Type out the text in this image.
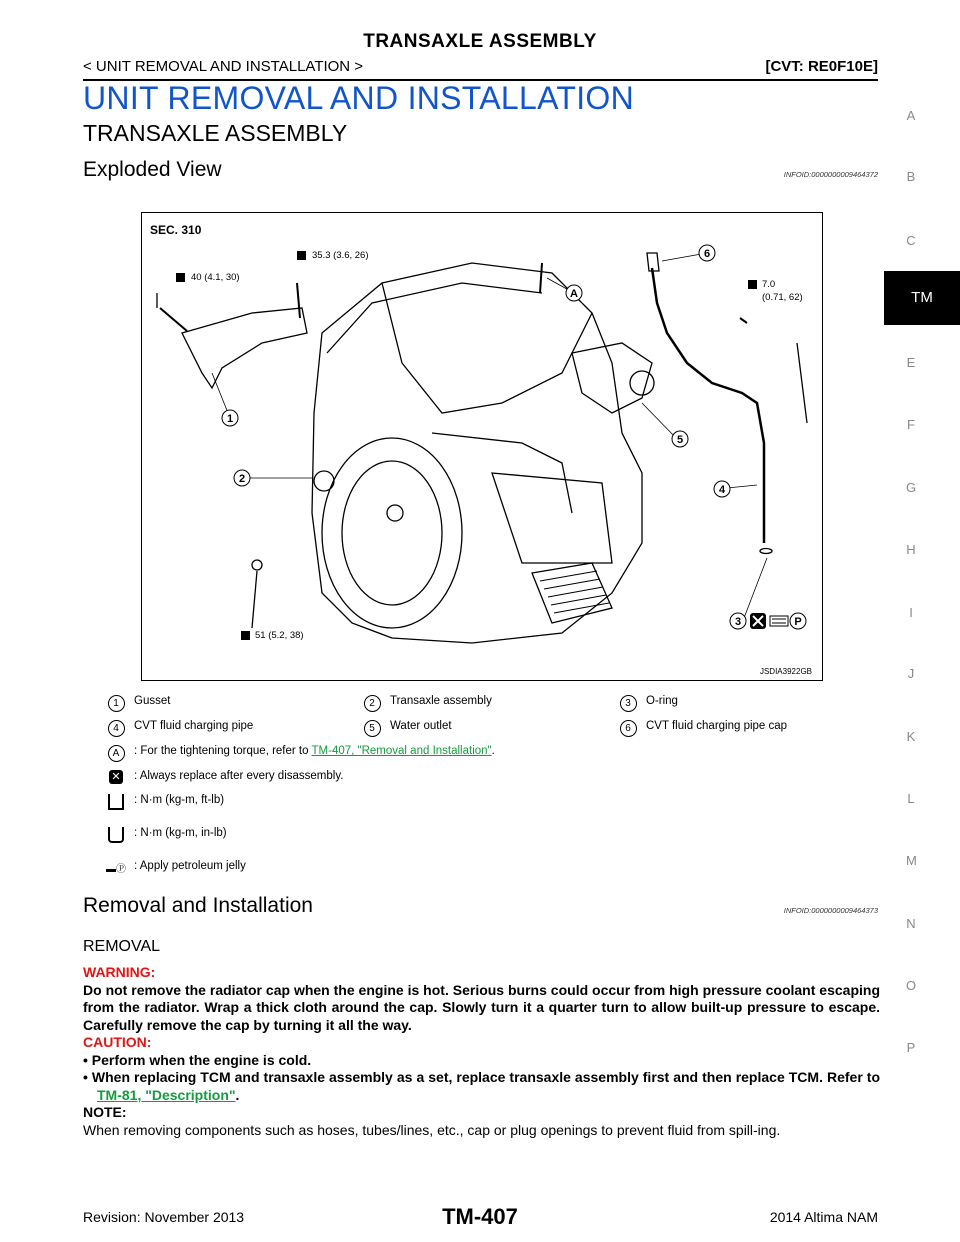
TRANSAXLE ASSEMBLY
< UNIT REMOVAL AND INSTALLATION >	[CVT: RE0F10E]
UNIT REMOVAL AND INSTALLATION
TRANSAXLE ASSEMBLY
Exploded View	INFOID:0000000009464372
SEC. 310
1
2
3
4
5
6
A
P
35.3 (3.6, 26)
40 (4.1, 30)
7.0
(0.71, 62)
51 (5.2, 38)
JSDIA3922GB
1	Gusset	2	Transaxle assembly	3	O-ring

4	CVT fluid charging pipe	5	Water outlet	6	CVT fluid charging pipe cap

A	: For the tightening torque, refer to TM-407, "Removal and Installation".				

✕	: Always replace after every disassembly.				

	: N·m (kg-m, ft-lb)				

	: N·m (kg-m, in-lb)				

▬Ⓟ	: Apply petroleum jelly				
Removal and Installation	INFOID:0000000009464373
REMOVAL
WARNING:
Do not remove the radiator cap when the engine is hot. Serious burns could occur from high pressure coolant escaping from the radiator. Wrap a thick cloth around the cap. Slowly turn it a quarter turn to allow built-up pressure to escape. Carefully remove the cap by turning it all the way.
CAUTION:
• Perform when the engine is cold.
• When replacing TCM and transaxle assembly as a set, replace transaxle assembly first and then replace TCM. Refer to TM-81, "Description".
NOTE:
When removing components such as hoses, tubes/lines, etc., cap or plug openings to prevent fluid from spill-ing.
A
B
C
TM
E
F
G
H
I
J
K
L
M
N
O
P
Revision: November 2013	TM-407	2014 Altima NAM
